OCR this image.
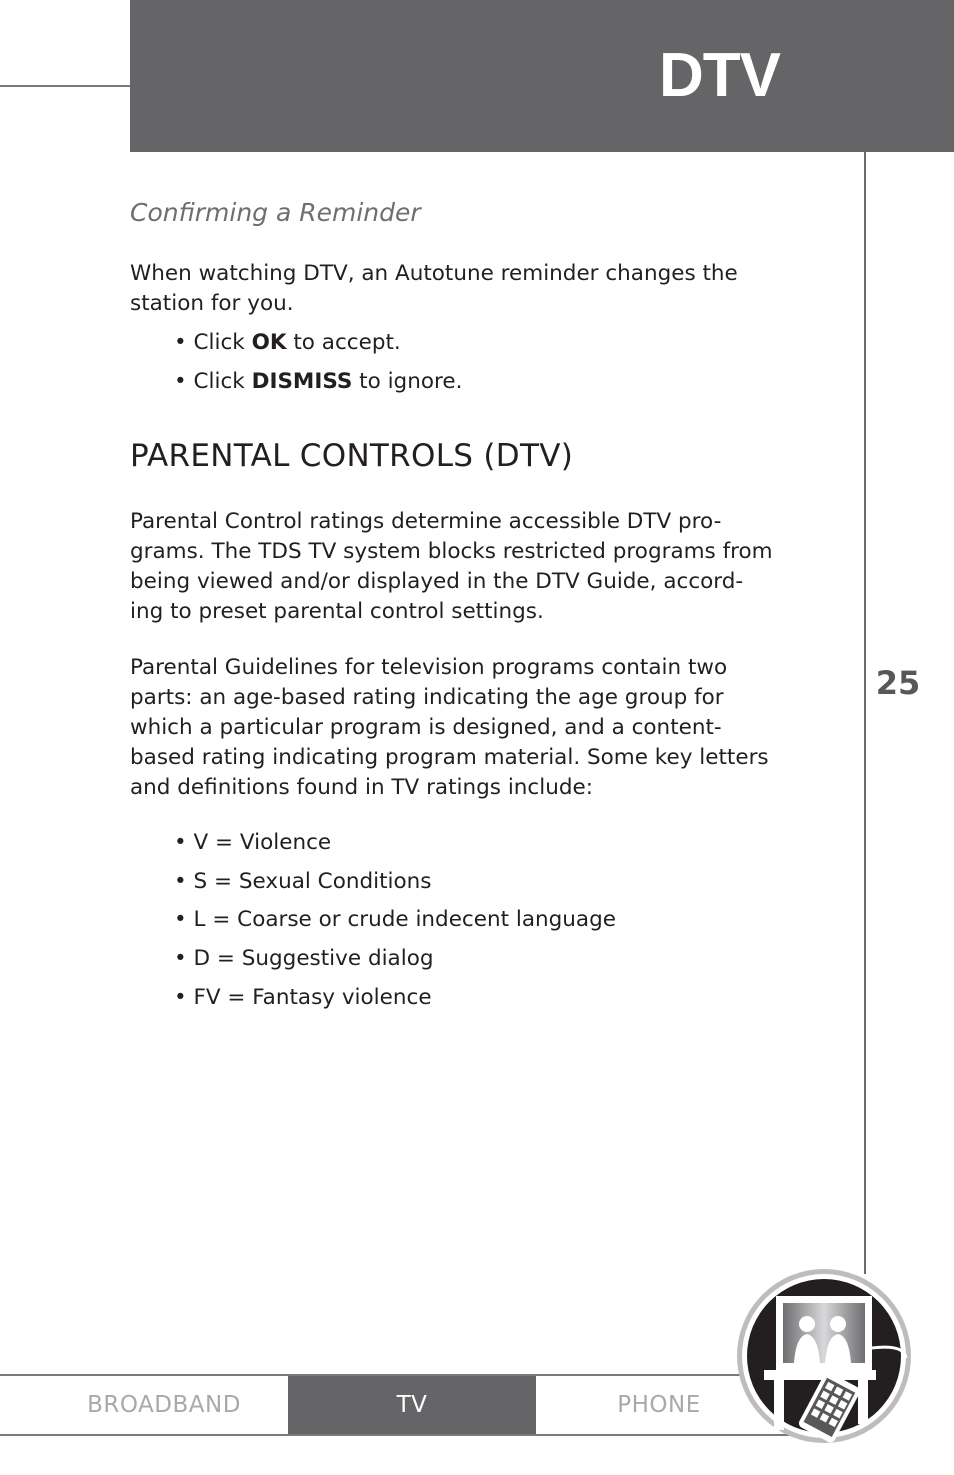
DTV
25
Confirming a Reminder

When watching DTV, an Autotune reminder changes the station for you.

• Click OK to accept.
• Click DISMISS to ignore.
PARENTAL CONTROLS (DTV)
Parental Control ratings determine accessible DTV pro-
grams. The TDS TV system blocks restricted programs from
being viewed and/or displayed in the DTV Guide, accord-
ing to preset parental control settings.
Parental Guidelines for television programs contain two
parts: an age-based rating indicating the age group for
which a particular program is designed, and a content-
based rating indicating program material. Some key letters
and definitions found in TV ratings include:
• V = Violence
• S = Sexual Conditions
• L = Coarse or crude indecent language
• D = Suggestive dialog
• FV = Fantasy violence
BROADBAND	TV	PHONE
